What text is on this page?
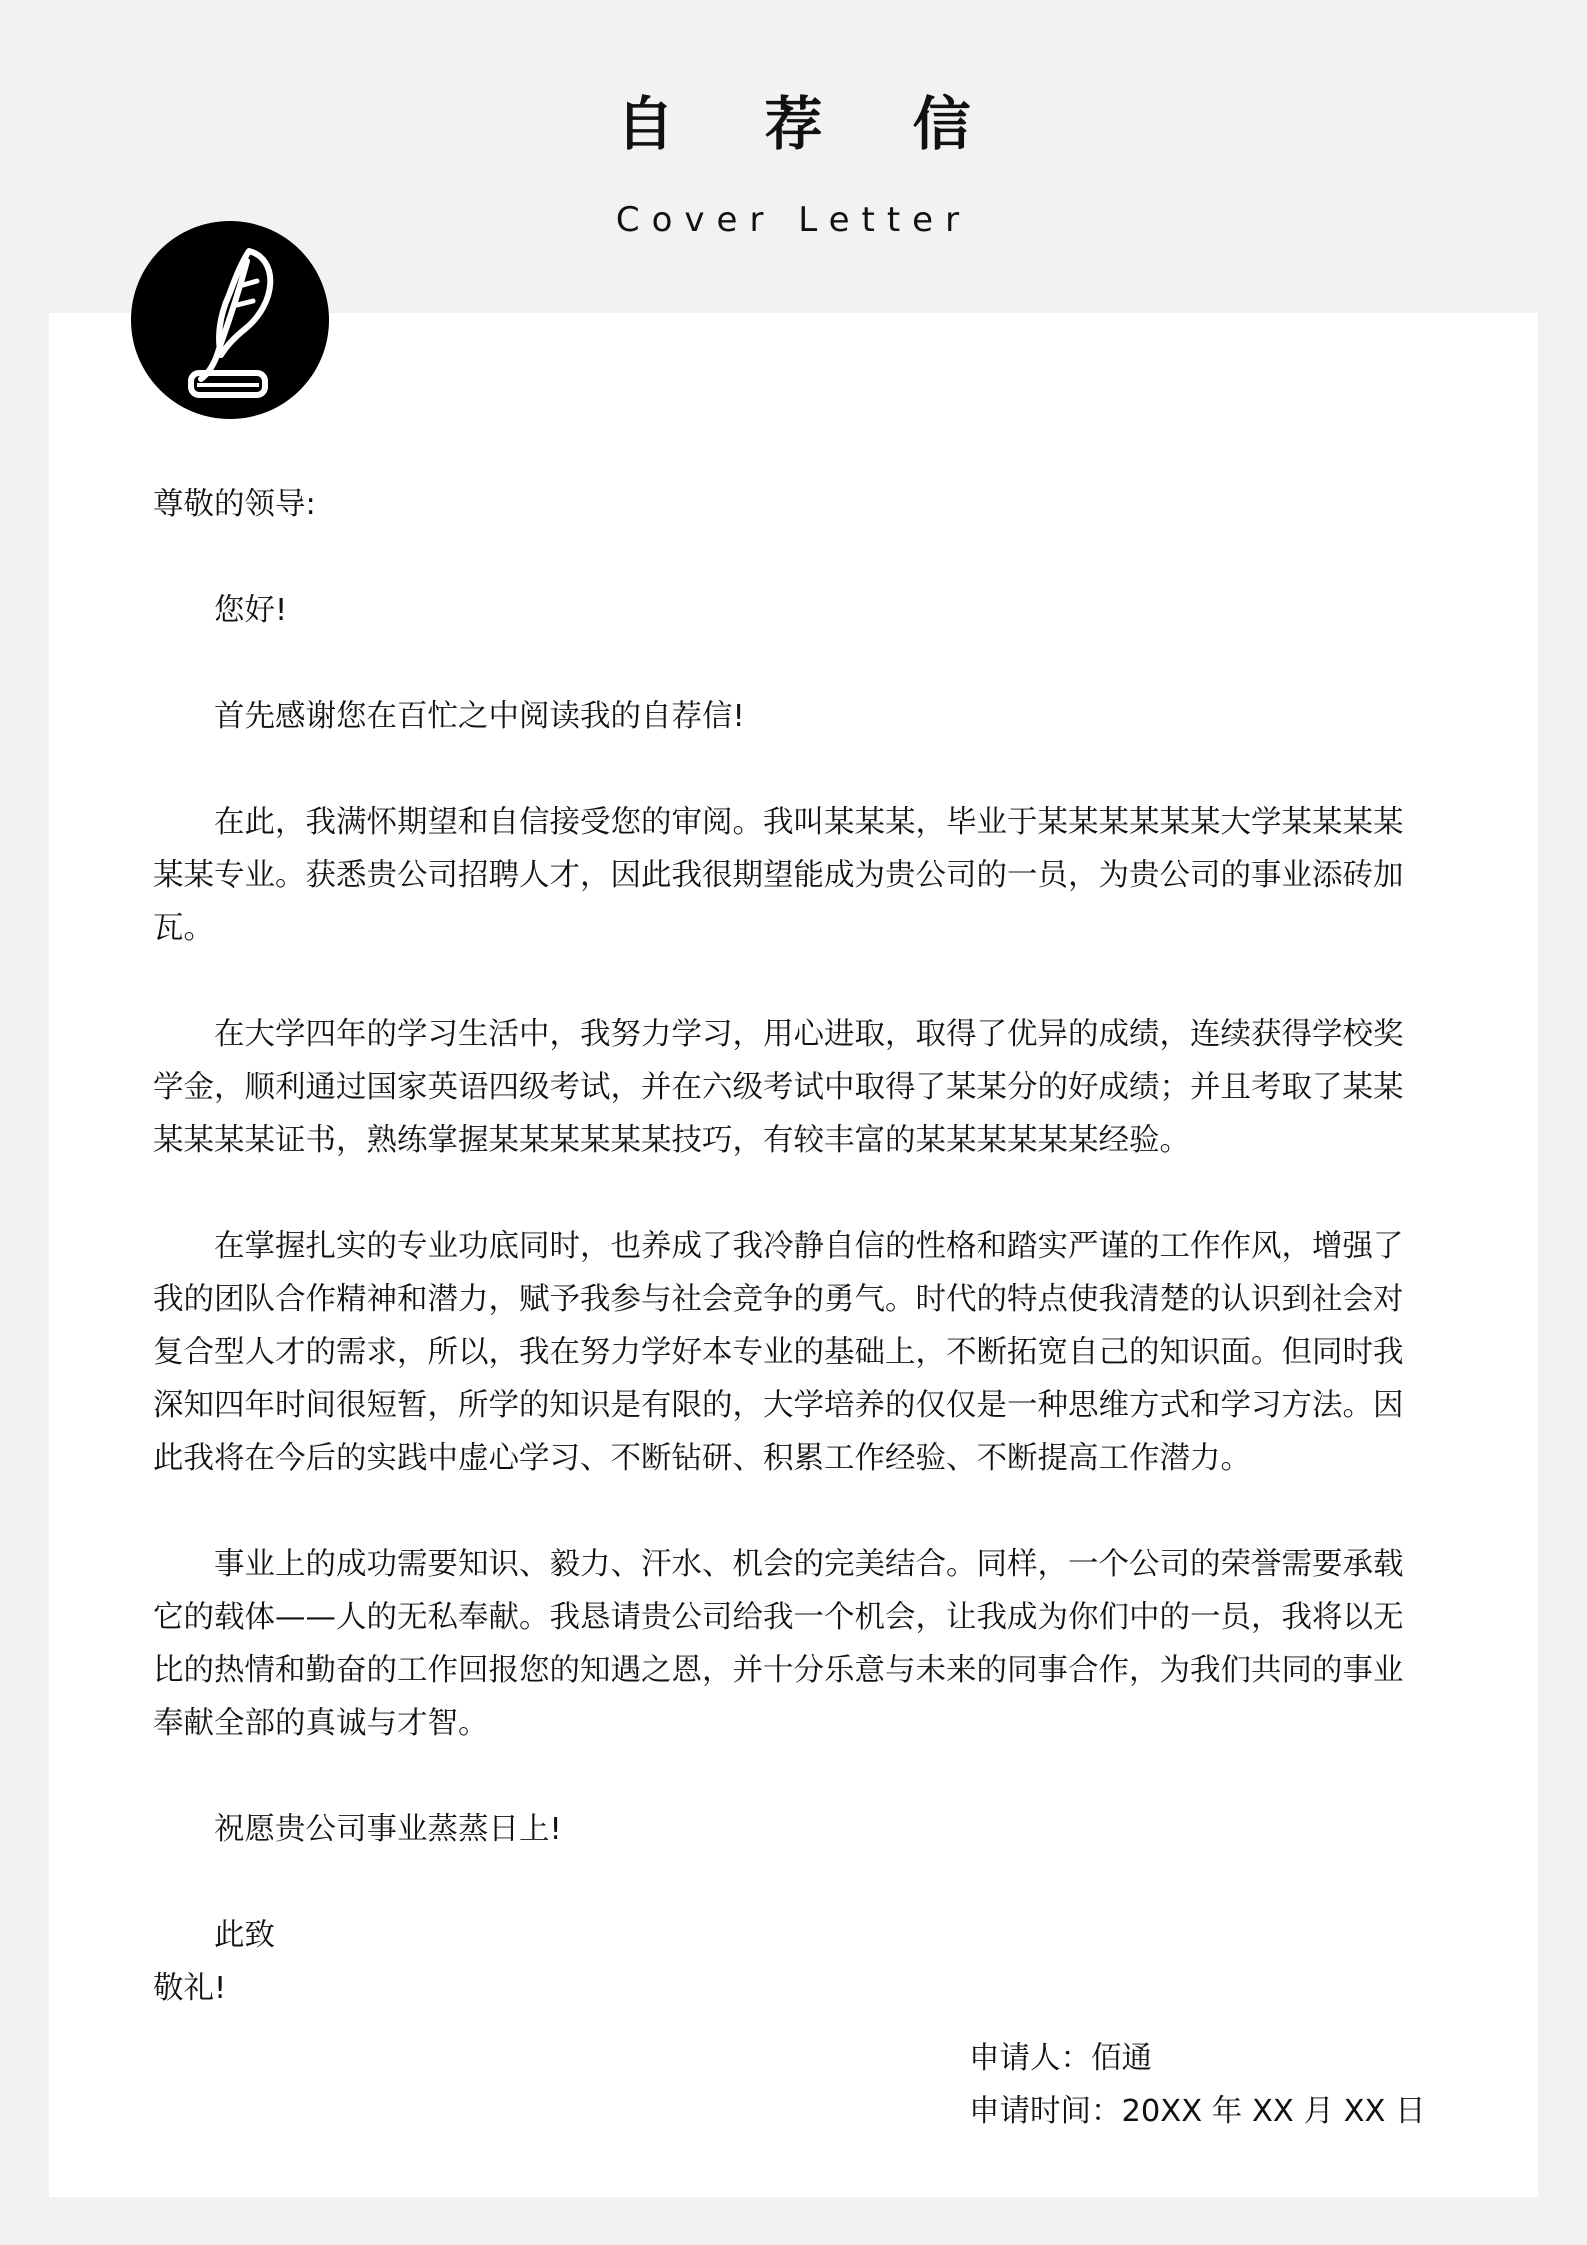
自 荐 信
Cover Letter

尊敬的领导:

您好!

首先感谢您在百忙之中阅读我的自荐信!

在此，我满怀期望和自信接受您的审阅。我叫某某某，毕业于某某某某某某大学某某某某某某专业。获悉贵公司招聘人才，因此我很期望能成为贵公司的一员，为贵公司的事业添砖加瓦。

在大学四年的学习生活中，我努力学习，用心进取，取得了优异的成绩，连续获得学校奖学金，顺利通过国家英语四级考试，并在六级考试中取得了某某分的好成绩；并且考取了某某某某某某证书，熟练掌握某某某某某某技巧，有较丰富的某某某某某某经验。

在掌握扎实的专业功底同时，也养成了我冷静自信的性格和踏实严谨的工作作风，增强了我的团队合作精神和潜力，赋予我参与社会竞争的勇气。时代的特点使我清楚的认识到社会对复合型人才的需求，所以，我在努力学好本专业的基础上，不断拓宽自己的知识面。但同时我深知四年时间很短暂，所学的知识是有限的，大学培养的仅仅是一种思维方式和学习方法。因此我将在今后的实践中虚心学习、不断钻研、积累工作经验、不断提高工作潜力。

事业上的成功需要知识、毅力、汗水、机会的完美结合。同样，一个公司的荣誉需要承载它的载体——人的无私奉献。我恳请贵公司给我一个机会，让我成为你们中的一员，我将以无比的热情和勤奋的工作回报您的知遇之恩，并十分乐意与未来的同事合作，为我们共同的事业奉献全部的真诚与才智。

祝愿贵公司事业蒸蒸日上!

此致

敬礼!

申请人：佰通
申请时间：20XX 年 XX 月 XX 日
